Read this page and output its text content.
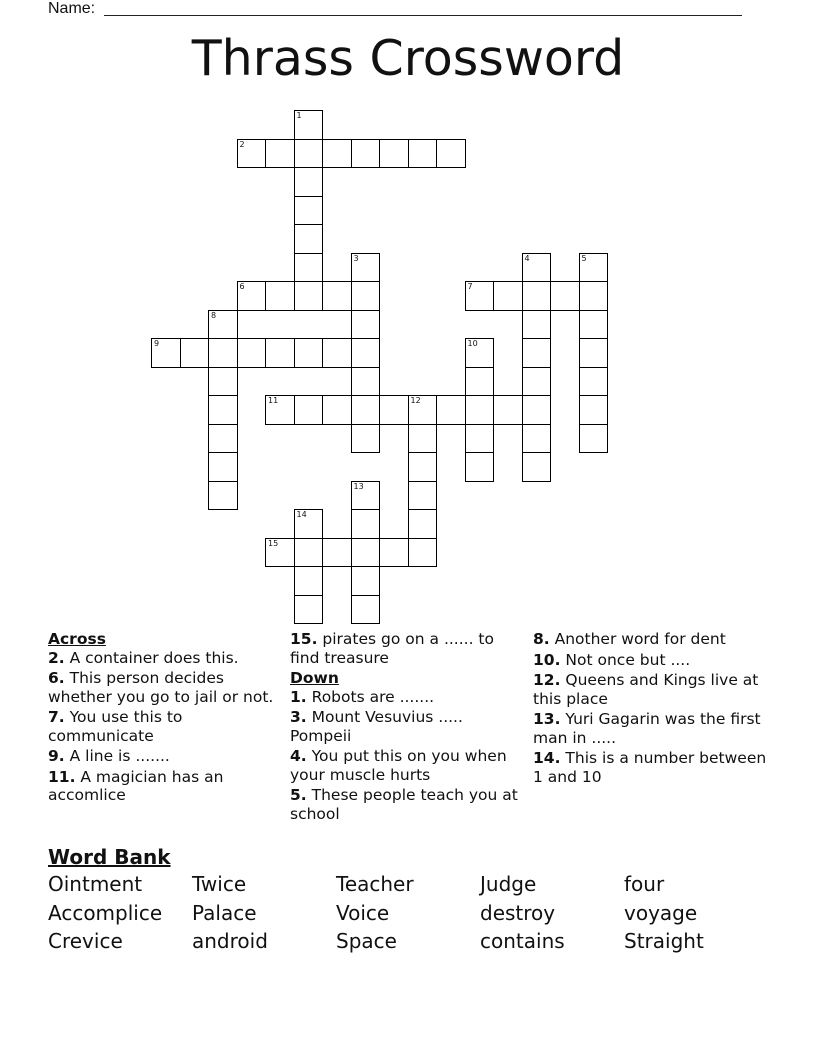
Name:
Thrass Crossword
1
2
3	4	5
6	7
8
9	10
11	12
13
14
15
Across
2. A container does this.
6. This person decides whether you go to jail or not.
7. You use this to communicate
9. A line is .......
11. A magician has an accomlice
15. pirates go on a ...... to find treasure
Down
1. Robots are .......
3. Mount Vesuvius ..... Pompeii
4. You put this on you when your muscle hurts
5. These people teach you at school
8. Another word for dent
10. Not once but ....
12. Queens and Kings live at this place
13. Yuri Gagarin was the first man in .....
14. This is a number between 1 and 10
Word Bank
Ointment	Twice	Teacher	Judge	four
Accomplice	Palace	Voice	destroy	voyage
Crevice	android	Space	contains	Straight
